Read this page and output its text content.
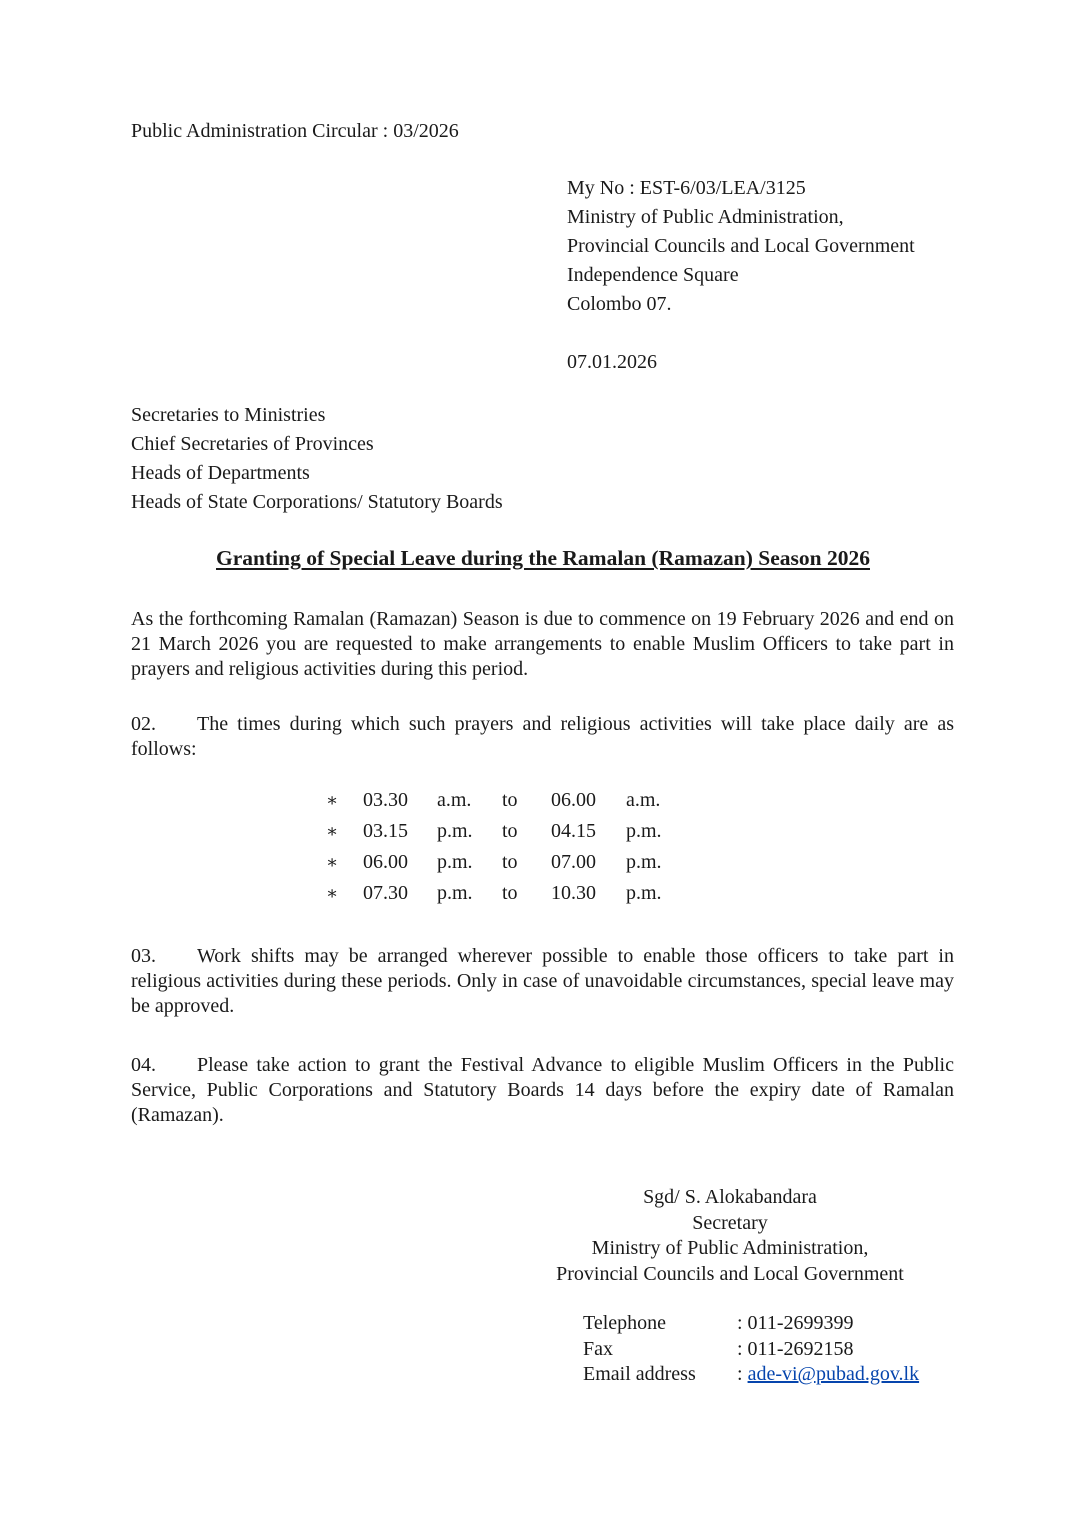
Public Administration Circular : 03/2026
My No : EST-6/03/LEA/3125
Ministry of Public Administration,
Provincial Councils and Local Government
Independence Square
Colombo 07.
07.01.2026
Secretaries to Ministries
Chief Secretaries of Provinces
Heads of Departments
Heads of State Corporations/ Statutory Boards
Granting of Special Leave during the Ramalan (Ramazan) Season 2026
As the forthcoming Ramalan (Ramazan) Season is due to commence on 19 February 2026 and end on 21 March 2026 you are requested to make arrangements to enable Muslim Officers to take part in prayers and religious activities during this period.
02. The times during which such prayers and religious activities will take place daily are as follows:
∗ 03.30 a.m. to 06.00 a.m.
∗ 03.15 p.m. to 04.15 p.m.
∗ 06.00 p.m. to 07.00 p.m.
∗ 07.30 p.m. to 10.30 p.m.
03. Work shifts may be arranged wherever possible to enable those officers to take part in religious activities during these periods. Only in case of unavoidable circumstances, special leave may be approved.
04. Please take action to grant the Festival Advance to eligible Muslim Officers in the Public Service, Public Corporations and Statutory Boards 14 days before the expiry date of Ramalan (Ramazan).
Sgd/ S. Alokabandara
Secretary
Ministry of Public Administration,
Provincial Councils and Local Government
Telephone	: 011-2699399
Fax	: 011-2692158
Email address : ade-vi@pubad.gov.lk
